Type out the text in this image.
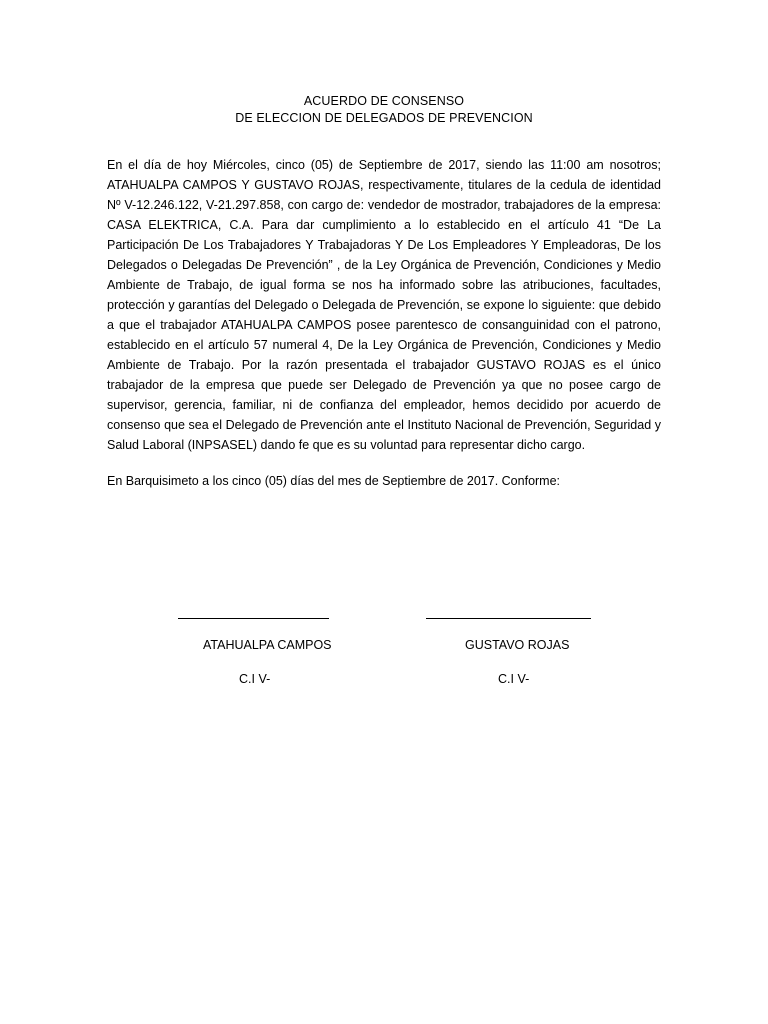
ACUERDO DE CONSENSO
DE ELECCION DE DELEGADOS DE PREVENCION

En el día de hoy Miércoles, cinco (05) de Septiembre de 2017, siendo las 11:00 am nosotros; ATAHUALPA CAMPOS Y GUSTAVO ROJAS, respectivamente, titulares de la cedula de identidad Nº V-12.246.122, V-21.297.858, con cargo de: vendedor de mostrador, trabajadores de la empresa: CASA ELEKTRICA, C.A. Para dar cumplimiento a lo establecido en el artículo 41 “De La Participación De Los Trabajadores Y Trabajadoras Y De Los Empleadores Y Empleadoras, De los Delegados o Delegadas De Prevención” , de la Ley Orgánica de Prevención, Condiciones y Medio Ambiente de Trabajo, de igual forma se nos ha informado sobre las atribuciones, facultades, protección y garantías del Delegado o Delegada de Prevención, se expone lo siguiente: que debido a que el trabajador ATAHUALPA CAMPOS posee parentesco de consanguinidad con el patrono, establecido en el artículo 57 numeral 4, De la Ley Orgánica de Prevención, Condiciones y Medio Ambiente de Trabajo. Por la razón presentada el trabajador GUSTAVO ROJAS es el único trabajador de la empresa que puede ser Delegado de Prevención ya que no posee cargo de supervisor, gerencia, familiar, ni de confianza del empleador, hemos decidido por acuerdo de consenso que sea el Delegado de Prevención ante el Instituto Nacional de Prevención, Seguridad y Salud Laboral (INPSASEL) dando fe que es su voluntad para representar dicho cargo.

En Barquisimeto a los cinco (05) días del mes de Septiembre de 2017. Conforme:

ATAHUALPA CAMPOS	GUSTAVO ROJAS
C.I V-	C.I V-
